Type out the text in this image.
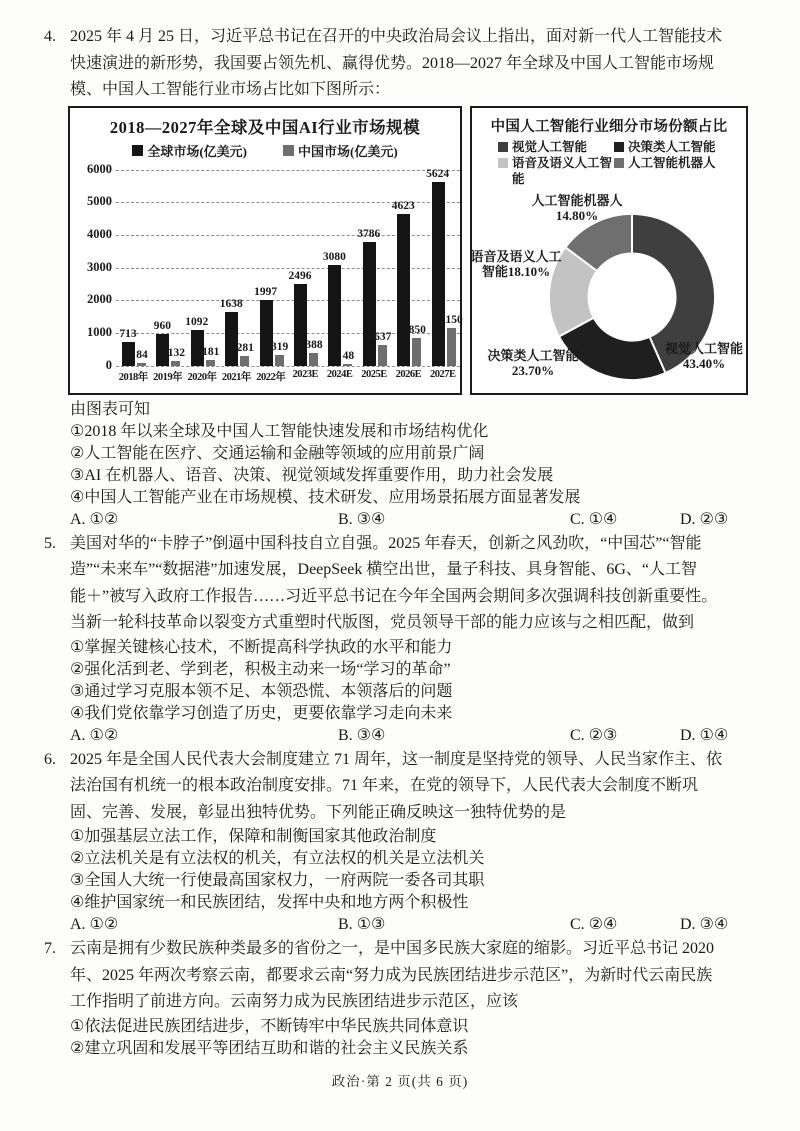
4. 2025 年 4 月 25 日，习近平总书记在召开的中央政治局会议上指出，面对新一代人工智能技术
快速演进的新形势，我国要占领先机、赢得优势。2018—2027 年全球及中国人工智能市场规
模、中国人工智能行业市场占比如下图所示：
2018—2027年全球及中国AI行业市场规模
全球市场(亿美元)	中国市场(亿美元)
0
1000
2000
3000
4000
5000
6000
713
84
2018年
960
132
2019年
1092
181
2020年
1638
281
2021年
1997
319
2022年
2496
388
2023E
3080
48
2024E
3786
637
2025E
4623
850
2026E
5624
1150
2027E
中国人工智能行业细分市场份额占比
视觉人工智能	决策类人工智能
语音及语义人工智能
人工智能机器人
人工智能机器人
14.80%
语音及语义人工
智能18.10%
决策类人工智能
23.70%
视觉人工智能
43.40%
由图表可知
①2018 年以来全球及中国人工智能快速发展和市场结构优化
②人工智能在医疗、交通运输和金融等领域的应用前景广阔
③AI 在机器人、语音、决策、视觉领域发挥重要作用，助力社会发展
④中国人工智能产业在市场规模、技术研发、应用场景拓展方面显著发展
A. ①②	B. ③④	C. ①④	D. ②③
5. 美国对华的“卡脖子”倒逼中国科技自立自强。2025 年春天，创新之风劲吹，“中国芯”“智能
造”“未来车”“数据港”加速发展，DeepSeek 横空出世，量子科技、具身智能、6G、“人工智
能＋”被写入政府工作报告……习近平总书记在今年全国两会期间多次强调科技创新重要性。
当新一轮科技革命以裂变方式重塑时代版图，党员领导干部的能力应该与之相匹配，做到
①掌握关键核心技术，不断提高科学执政的水平和能力
②强化活到老、学到老，积极主动来一场“学习的革命”
③通过学习克服本领不足、本领恐慌、本领落后的问题
④我们党依靠学习创造了历史，更要依靠学习走向未来
A. ①②	B. ③④	C. ②③	D. ①④
6. 2025 年是全国人民代表大会制度建立 71 周年，这一制度是坚持党的领导、人民当家作主、依
法治国有机统一的根本政治制度安排。71 年来，在党的领导下，人民代表大会制度不断巩
固、完善、发展，彰显出独特优势。下列能正确反映这一独特优势的是
①加强基层立法工作，保障和制衡国家其他政治制度
②立法机关是有立法权的机关，有立法权的机关是立法机关
③全国人大统一行使最高国家权力，一府两院一委各司其职
④维护国家统一和民族团结，发挥中央和地方两个积极性
A. ①②	B. ①③	C. ②④	D. ③④
7. 云南是拥有少数民族种类最多的省份之一，是中国多民族大家庭的缩影。习近平总书记 2020
年、2025 年两次考察云南，都要求云南“努力成为民族团结进步示范区”，为新时代云南民族
工作指明了前进方向。云南努力成为民族团结进步示范区，应该
①依法促进民族团结进步，不断铸牢中华民族共同体意识
②建立巩固和发展平等团结互助和谐的社会主义民族关系
政治·第 2 页(共 6 页)
